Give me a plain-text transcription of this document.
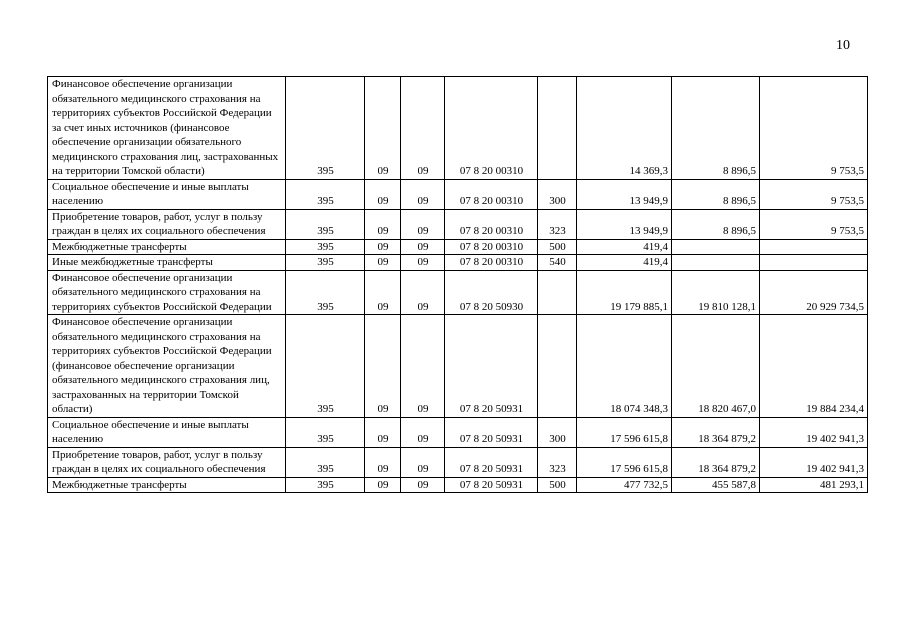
10
Финансовое обеспечение организации обязательного медицинского страхования на территориях субъектов Российской Федерации за счет иных источников (финансовое обеспечение организации обязательного медицинского страхования лиц, застрахованных на территории Томской области)	395	09	09	07 8 20 00310		14 369,3	8 896,5	9 753,5
Социальное обеспечение и иные выплаты населению	395	09	09	07 8 20 00310	300	13 949,9	8 896,5	9 753,5
Приобретение товаров, работ, услуг в пользу граждан в целях их социального обеспечения	395	09	09	07 8 20 00310	323	13 949,9	8 896,5	9 753,5
Межбюджетные трансферты	395	09	09	07 8 20 00310	500	419,4		
Иные межбюджетные трансферты	395	09	09	07 8 20 00310	540	419,4		
Финансовое обеспечение организации обязательного медицинского страхования на территориях субъектов Российской Федерации	395	09	09	07 8 20 50930		19 179 885,1	19 810 128,1	20 929 734,5
Финансовое обеспечение организации обязательного медицинского страхования на территориях субъектов Российской Федерации (финансовое обеспечение организации обязательного медицинского страхования лиц, застрахованных на территории Томской области)	395	09	09	07 8 20 50931		18 074 348,3	18 820 467,0	19 884 234,4
Социальное обеспечение и иные выплаты населению	395	09	09	07 8 20 50931	300	17 596 615,8	18 364 879,2	19 402 941,3
Приобретение товаров, работ, услуг в пользу граждан в целях их социального обеспечения	395	09	09	07 8 20 50931	323	17 596 615,8	18 364 879,2	19 402 941,3
Межбюджетные трансферты	395	09	09	07 8 20 50931	500	477 732,5	455 587,8	481 293,1
